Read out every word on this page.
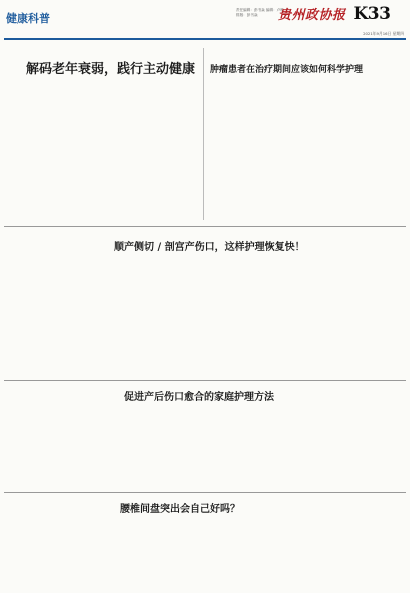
健康科普
责任编辑：彭书焱 编辑：卢映 排版：彭书焱	贵州政协报 K33
2021年9月16日 星期四
解码老年衰弱，践行主动健康 肿瘤患者在治疗期间应该如何科学护理
顺产侧切 / 剖宫产伤口，这样护理恢复快！
促进产后伤口愈合的家庭护理方法
腰椎间盘突出会自己好吗？
